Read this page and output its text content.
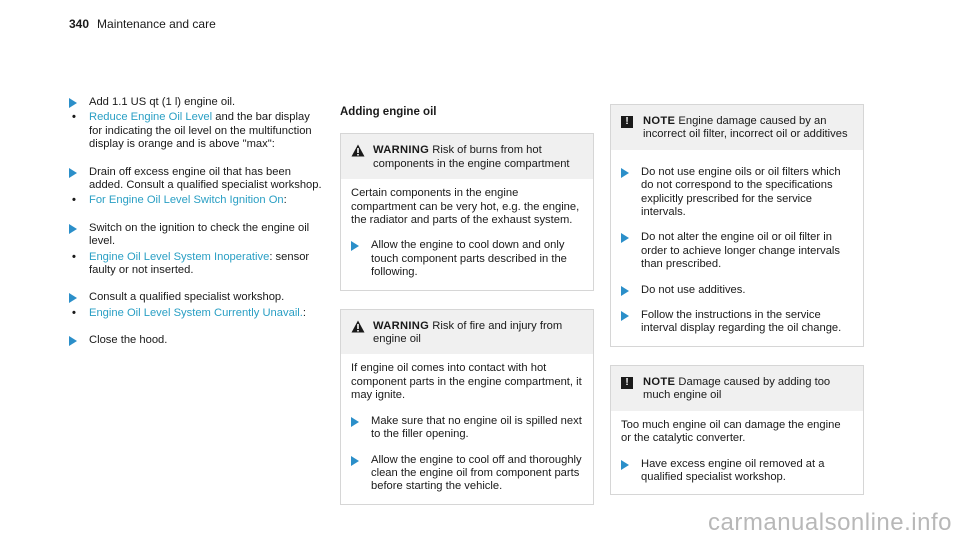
340 Maintenance and care
Add 1.1 US qt (1 l) engine oil.
• Reduce Engine Oil Level and the bar display for indicating the oil level on the multifunction display is orange and is above "max":
Drain off excess engine oil that has been added. Consult a qualified specialist workshop.
• For Engine Oil Level Switch Ignition On:
Switch on the ignition to check the engine oil level.
• Engine Oil Level System Inoperative: sensor faulty or not inserted.
Consult a qualified specialist workshop.
• Engine Oil Level System Currently Unavail.:
Close the hood.
Adding engine oil
WARNING Risk of burns from hot components in the engine compartment
Certain components in the engine compartment can be very hot, e.g. the engine, the radiator and parts of the exhaust system.
Allow the engine to cool down and only touch component parts described in the following.
WARNING Risk of fire and injury from engine oil
If engine oil comes into contact with hot component parts in the engine compartment, it may ignite.
Make sure that no engine oil is spilled next to the filler opening.
Allow the engine to cool off and thoroughly clean the engine oil from component parts before starting the vehicle.
!	NOTE Engine damage caused by an incorrect oil filter, incorrect oil or additives
Do not use engine oils or oil filters which do not correspond to the specifications explicitly prescribed for the service intervals.
Do not alter the engine oil or oil filter in order to achieve longer change intervals than prescribed.
Do not use additives.
Follow the instructions in the service interval display regarding the oil change.
!	NOTE Damage caused by adding too much engine oil
Too much engine oil can damage the engine or the catalytic converter.
Have excess engine oil removed at a qualified specialist workshop.
carmanualsonline.info
